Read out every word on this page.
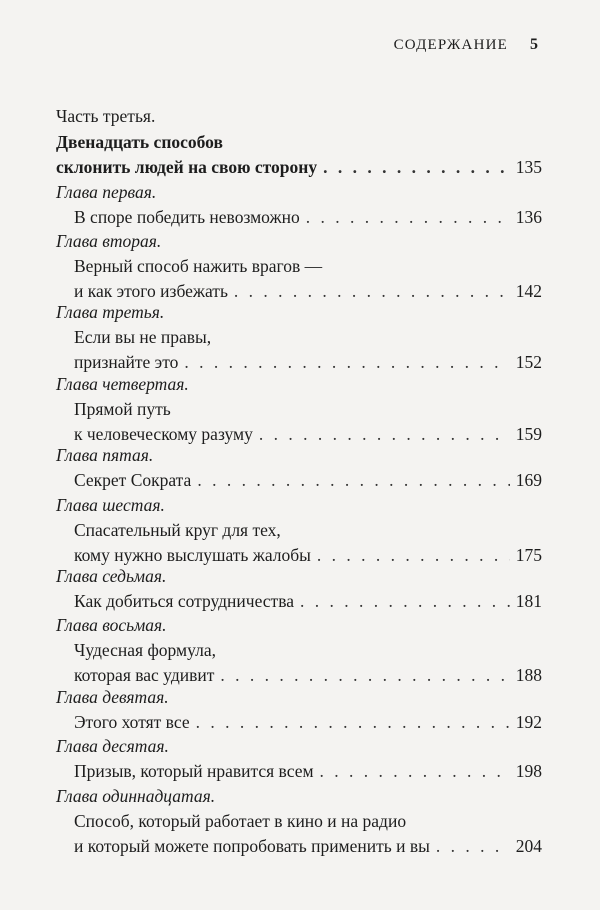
СОДЕРЖАНИЕ 5
Часть третья.
Двенадцать способов
склонить людей на свою сторону . . .	135
Глава первая.
В споре победить невозможно . . .	136
Глава вторая.
Верный способ нажить врагов —
и как этого избежать . . .	142
Глава третья.
Если вы не правы,
признайте это . . .	152
Глава четвертая.
Прямой путь
к человеческому разуму . . .	159
Глава пятая.
Секрет Сократа . . .	169
Глава шестая.
Спасательный круг для тех,
кому нужно выслушать жалобы . . .	175
Глава седьмая.
Как добиться сотрудничества . . .	181
Глава восьмая.
Чудесная формула,
которая вас удивит . . .	188
Глава девятая.
Этого хотят все . . .	192
Глава десятая.
Призыв, который нравится всем . . .	198
Глава одиннадцатая.
Способ, который работает в кино и на радио
и который можете попробовать применить и вы . . .	204
